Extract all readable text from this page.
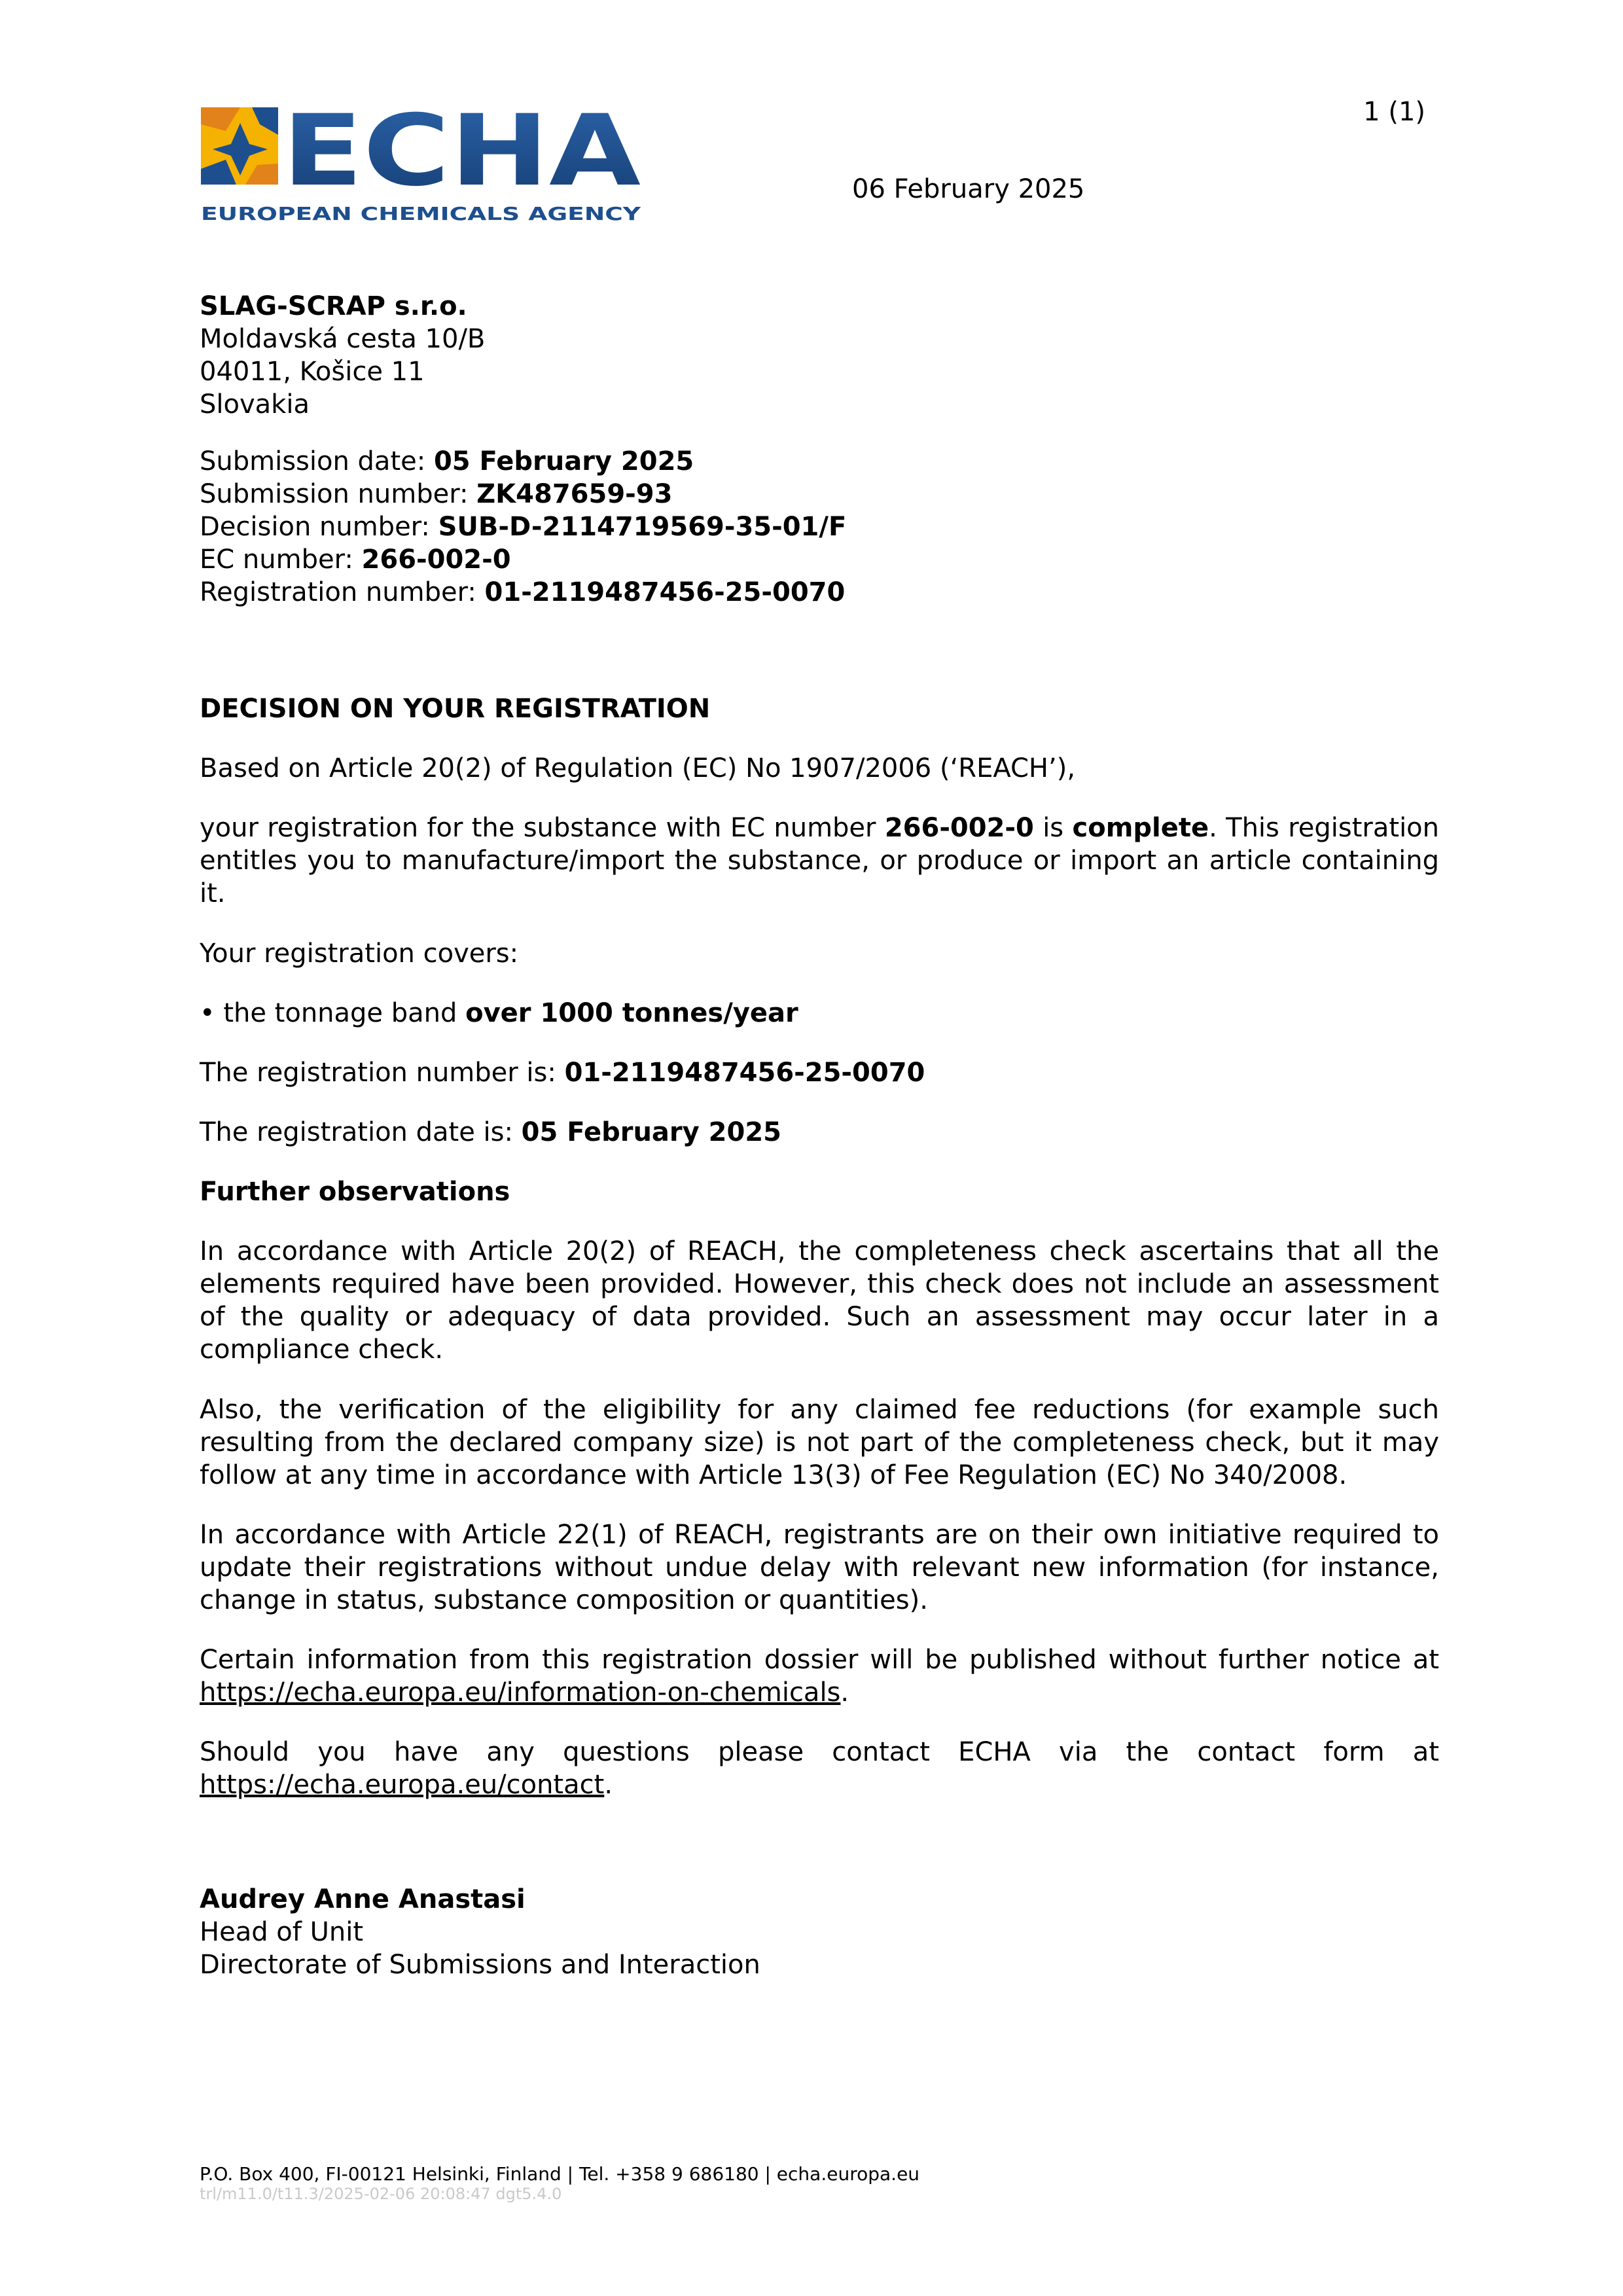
ECHA
EUROPEAN CHEMICALS AGENCY
1 (1)
06 February 2025
SLAG-SCRAP s.r.o.
Moldavská cesta 10/B
04011, Košice 11
Slovakia
Submission date: 05 February 2025
Submission number: ZK487659-93
Decision number: SUB-D-2114719569-35-01/F
EC number: 266-002-0
Registration number: 01-2119487456-25-0070
DECISION ON YOUR REGISTRATION
Based on Article 20(2) of Regulation (EC) No 1907/2006 (‘REACH’),

your registration for the substance with EC number 266-002-0 is complete. This registration entitles you to manufacture/import the substance, or produce or import an article containing it.

Your registration covers:
• the tonnage band over 1000 tonnes/year
The registration number is: 01-2119487456-25-0070
The registration date is: 05 February 2025
Further observations

In accordance with Article 20(2) of REACH, the completeness check ascertains that all the elements required have been provided. However, this check does not include an assessment of the quality or adequacy of data provided. Such an assessment may occur later in a compliance check.

Also, the verification of the eligibility for any claimed fee reductions (for example such resulting from the declared company size) is not part of the completeness check, but it may follow at any time in accordance with Article 13(3) of Fee Regulation (EC) No 340/2008.

In accordance with Article 22(1) of REACH, registrants are on their own initiative required to update their registrations without undue delay with relevant new information (for instance, change in status, substance composition or quantities).

Certain information from this registration dossier will be published without further notice at https://echa.europa.eu/information-on-chemicals.

Should you have any questions please contact ECHA via the contact form at https://echa.europa.eu/contact.

Audrey Anne Anastasi
Head of Unit
Directorate of Submissions and Interaction
P.O. Box 400, FI-00121 Helsinki, Finland | Tel. +358 9 686180 | echa.europa.eu
trl/m11.0/t11.3/2025-02-06 20:08:47 dgt5.4.0
